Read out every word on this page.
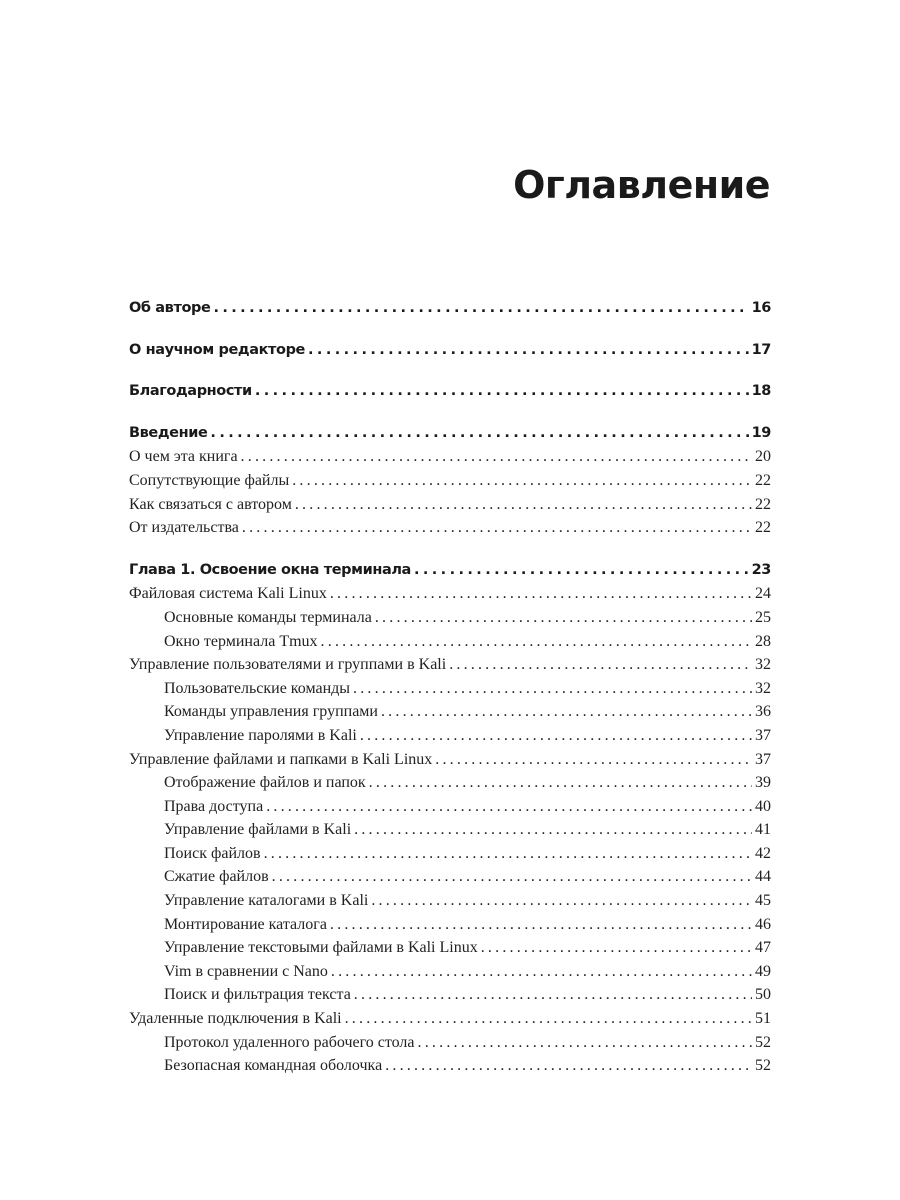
Оглавление
Об авторе .....	16
О научном редакторе .....	17
Благодарности .....	18
Введение .....	19
О чем эта книга .....	20
Сопутствующие файлы .....	22
Как связаться с автором .....	22
От издательства .....	22
Глава 1. Освоение окна терминала .....	23
Файловая система Kali Linux .....	24
Основные команды терминала .....	25
Окно терминала Tmux .....	28
Управление пользователями и группами в Kali .....	32
Пользовательские команды .....	32
Команды управления группами .....	36
Управление паролями в Kali .....	37
Управление файлами и папками в Kali Linux .....	37
Отображение файлов и папок .....	39
Права доступа .....	40
Управление файлами в Kali .....	41
Поиск файлов .....	42
Сжатие файлов .....	44
Управление каталогами в Kali .....	45
Монтирование каталога .....	46
Управление текстовыми файлами в Kali Linux .....	47
Vim в сравнении с Nano .....	49
Поиск и фильтрация текста .....	50
Удаленные подключения в Kali .....	51
Протокол удаленного рабочего стола .....	52
Безопасная командная оболочка .....	52
